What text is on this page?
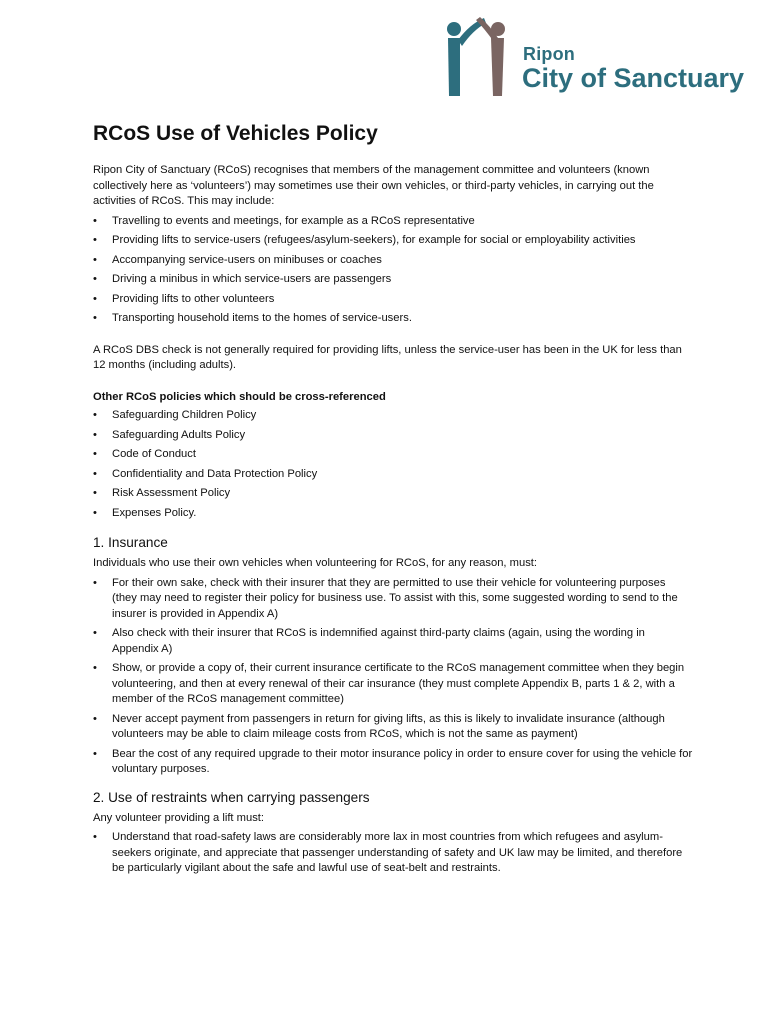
Ripon
City of Sanctuary
RCoS Use of Vehicles Policy

Ripon City of Sanctuary (RCoS) recognises that members of the management committee and volunteers (known collectively here as ‘volunteers’) may sometimes use their own vehicles, or third-party vehicles, in carrying out the activities of RCoS. This may include:

• Travelling to events and meetings, for example as a RCoS representative
• Providing lifts to service-users (refugees/asylum-seekers), for example for social or employability activities
• Accompanying service-users on minibuses or coaches
• Driving a minibus in which service-users are passengers
• Providing lifts to other volunteers
• Transporting household items to the homes of service-users.

A RCoS DBS check is not generally required for providing lifts, unless the service-user has been in the UK for less than 12 months (including adults).

Other RCoS policies which should be cross-referenced

• Safeguarding Children Policy
• Safeguarding Adults Policy
• Code of Conduct
• Confidentiality and Data Protection Policy
• Risk Assessment Policy
• Expenses Policy.
1. Insurance

Individuals who use their own vehicles when volunteering for RCoS, for any reason, must:

• For their own sake, check with their insurer that they are permitted to use their vehicle for volunteering purposes (they may need to register their policy for business use. To assist with this, some suggested wording to send to the insurer is provided in Appendix A)
• Also check with their insurer that RCoS is indemnified against third-party claims (again, using the wording in Appendix A)
• Show, or provide a copy of, their current insurance certificate to the RCoS management committee when they begin volunteering, and then at every renewal of their car insurance (they must complete Appendix B, parts 1 & 2, with a member of the RCoS management committee)
• Never accept payment from passengers in return for giving lifts, as this is likely to invalidate insurance (although volunteers may be able to claim mileage costs from RCoS, which is not the same as payment)
• Bear the cost of any required upgrade to their motor insurance policy in order to ensure cover for using the vehicle for voluntary purposes.
2. Use of restraints when carrying passengers

Any volunteer providing a lift must:

• Understand that road-safety laws are considerably more lax in most countries from which refugees and asylum-seekers originate, and appreciate that passenger understanding of safety and UK law may be limited, and therefore be particularly vigilant about the safe and lawful use of seat-belt and restraints.
